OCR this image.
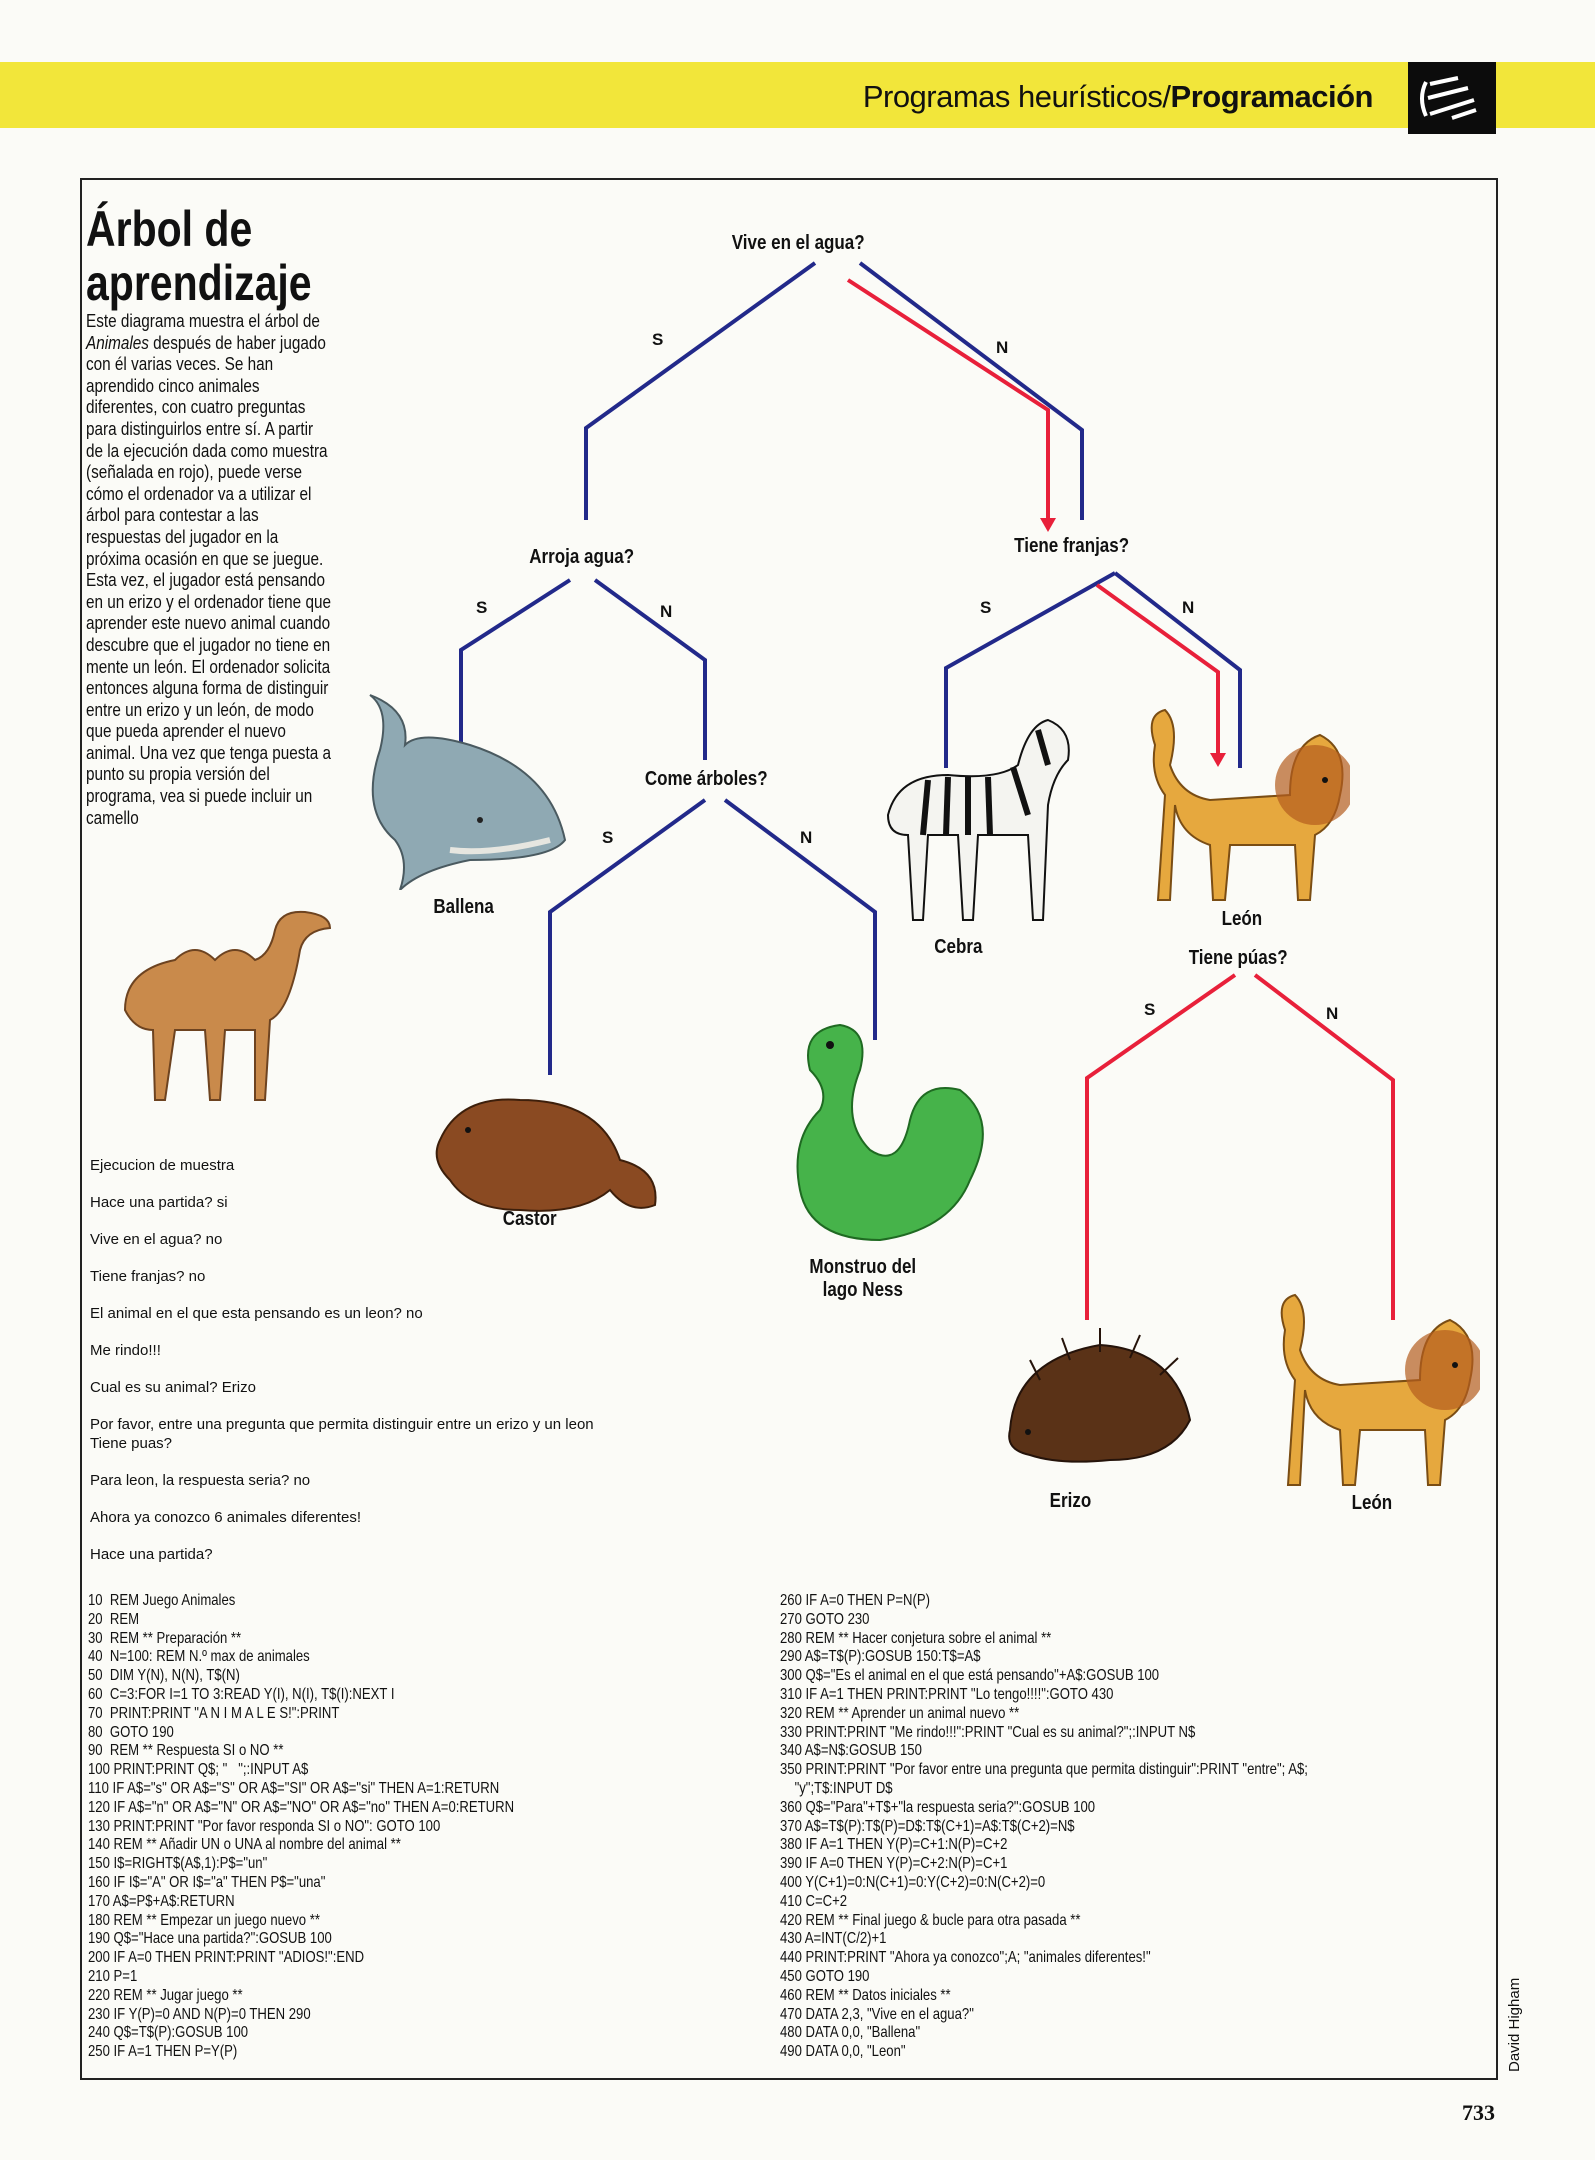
Programas heurísticos/Programación
Árbol de
aprendizaje
Este diagrama muestra el árbol de Animales después de haber jugado con él varias veces. Se han aprendido cinco animales diferentes, con cuatro preguntas para distinguirlos entre sí. A partir de la ejecución dada como muestra (señalada en rojo), puede verse cómo el ordenador va a utilizar el árbol para contestar a las respuestas del jugador en la próxima ocasión en que se juegue. Esta vez, el jugador está pensando en un erizo y el ordenador tiene que aprender este nuevo animal cuando descubre que el jugador no tiene en mente un león. El ordenador solicita entonces alguna forma de distinguir entre un erizo y un león, de modo que pueda aprender el nuevo animal. Una vez que tenga puesta a punto su propia versión del programa, vea si puede incluir un camello
Vive en el agua?
Arroja agua?	Tiene franjas?
Come árboles?
Tiene púas?
S	N
S	N	S	N
S	N
S	N
Ballena
Castor
Monstruo del
lago Ness
Cebra
León
Erizo	León

Ejecucion de muestra

Hace una partida? si

Vive en el agua? no

Tiene franjas? no

El animal en el que esta pensando es un leon? no

Me rindo!!!

Cual es su animal? Erizo

Por favor, entre una pregunta que permita distinguir entre un erizo y un leon
Tiene puas?

Para leon, la respuesta seria? no

Ahora ya conozco 6 animales diferentes!

Hace una partida?

10  REM Juego Animales
20  REM
30  REM ** Preparación **
40  N=100: REM N.º max de animales
50  DIM Y(N), N(N), T$(N)
60  C=3:FOR I=1 TO 3:READ Y(I), N(I), T$(I):NEXT I
70  PRINT:PRINT "A N I M A L E S!":PRINT
80  GOTO 190
90  REM ** Respuesta SI o NO **
100 PRINT:PRINT Q$; "   ";:INPUT A$
110 IF A$="s" OR A$="S" OR A$="SI" OR A$="si" THEN A=1:RETURN
120 IF A$="n" OR A$="N" OR A$="NO" OR A$="no" THEN A=0:RETURN
130 PRINT:PRINT "Por favor responda SI o NO": GOTO 100
140 REM ** Añadir UN o UNA al nombre del animal **
150 I$=RIGHT$(A$,1):P$="un"
160 IF I$="A" OR I$="a" THEN P$="una"
170 A$=P$+A$:RETURN
180 REM ** Empezar un juego nuevo **
190 Q$="Hace una partida?":GOSUB 100
200 IF A=0 THEN PRINT:PRINT "ADIOS!":END
210 P=1
220 REM ** Jugar juego **
230 IF Y(P)=0 AND N(P)=0 THEN 290
240 Q$=T$(P):GOSUB 100
250 IF A=1 THEN P=Y(P)
260 IF A=0 THEN P=N(P)
270 GOTO 230
280 REM ** Hacer conjetura sobre el animal **
290 A$=T$(P):GOSUB 150:T$=A$
300 Q$="Es el animal en el que está pensando"+A$:GOSUB 100
310 IF A=1 THEN PRINT:PRINT "Lo tengo!!!!":GOTO 430
320 REM ** Aprender un animal nuevo **
330 PRINT:PRINT "Me rindo!!!":PRINT "Cual es su animal?";:INPUT N$
340 A$=N$:GOSUB 150
350 PRINT:PRINT "Por favor entre una pregunta que permita distinguir":PRINT "entre"; A$;
"y";T$:INPUT D$
360 Q$="Para"+T$+"la respuesta seria?":GOSUB 100
370 A$=T$(P):T$(P)=D$:T$(C+1)=A$:T$(C+2)=N$
380 IF A=1 THEN Y(P)=C+1:N(P)=C+2
390 IF A=0 THEN Y(P)=C+2:N(P)=C+1
400 Y(C+1)=0:N(C+1)=0:Y(C+2)=0:N(C+2)=0
410 C=C+2
420 REM ** Final juego & bucle para otra pasada **
430 A=INT(C/2)+1
440 PRINT:PRINT "Ahora ya conozco";A; "animales diferentes!"
450 GOTO 190
460 REM ** Datos iniciales **
470 DATA 2,3, "Vive en el agua?"
480 DATA 0,0, "Ballena"
490 DATA 0,0, "Leon"	David Higham
733
